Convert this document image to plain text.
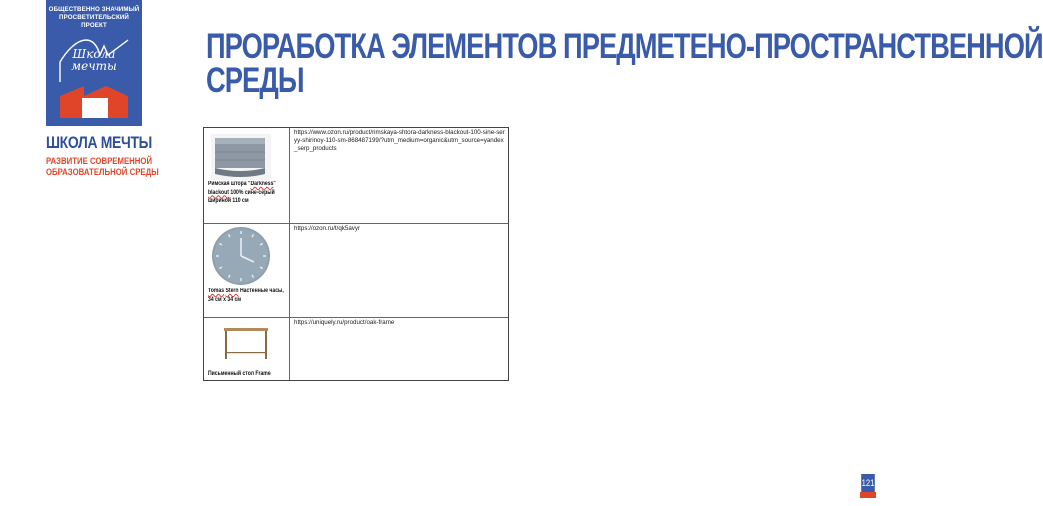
ОБЩЕСТВЕННО ЗНАЧИМЫЙ
ПРОСВЕТИТЕЛЬСКИЙ ПРОЕКТ
Школа
мечты
ШКОЛА МЕЧТЫ
РАЗВИТИЕ СОВРЕМЕННОЙ
ОБРАЗОВАТЕЛЬНОЙ СРЕДЫ
ПРОРАБОТКА ЭЛЕМЕНТОВ ПРЕДМЕТЕНО-ПРОСТРАНСТВЕННОЙ
СРЕДЫ
Римская штора "Darkness" blackout 100% сине-серый шириной 110 см
https://www.ozon.ru/product/rimskaya-shtora-darkness-blackout-100-sine-seryy-shirinoy-110-sm-868487199/?utm_medium=organic&utm_source=yandex_serp_products
Tomas Stern Настенные часы, 34 см х 34 см
https://ozon.ru/t/qk5avyr
Письменный стол Frame
https://uniquely.ru/product/oak-frame
121
